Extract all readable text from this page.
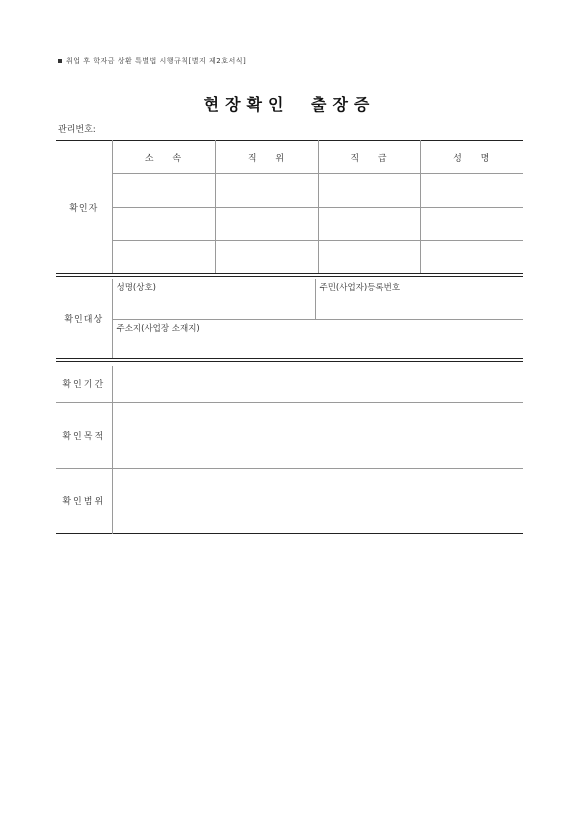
취업 후 학자금 상환 특별법 시행규칙[별지 제2호서식]
현장확인 출장증
관리번호:
확인자	소 속	직 위	직 급	성 명

확인대상	성명(상호)	주민(사업자)등록번호
주소지(사업장 소재지)
확인기간	
확인목적	
확인범위	
